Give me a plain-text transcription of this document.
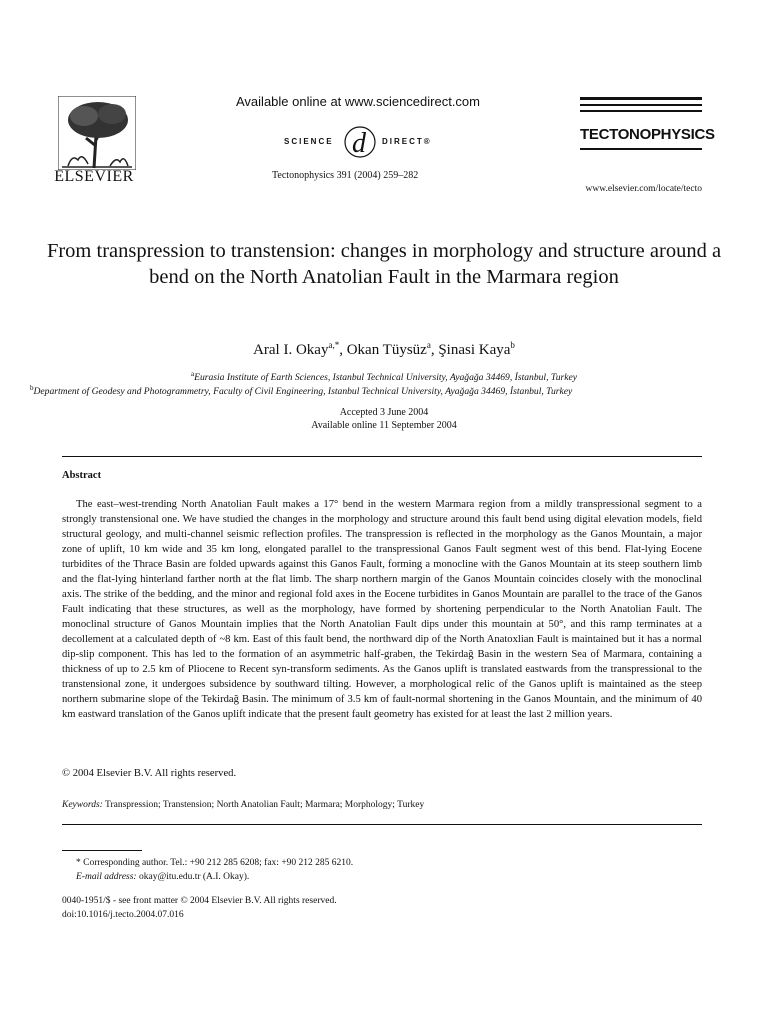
ELSEVIER
Available online at www.sciencedirect.com
SCIENCE d DIRECT®
Tectonophysics 391 (2004) 259–282
TECTONOPHYSICS
www.elsevier.com/locate/tecto
From transpression to transtension: changes in morphology and structure around a bend on the North Anatolian Fault in the Marmara region
Aral I. Okay$^{a,*}$, Okan Tüysüz$^a$, Şinasi Kaya$^b$
$^a$Eurasia Institute of Earth Sciences, Istanbul Technical University, Ayağağa 34469, İstanbul, Turkey
$^b$Department of Geodesy and Photogrammetry, Faculty of Civil Engineering, Istanbul Technical University, Ayağağa 34469, İstanbul, Turkey
Accepted 3 June 2004
Available online 11 September 2004
Abstract

The east–west-trending North Anatolian Fault makes a 17° bend in the western Marmara region from a mildly transpressional segment to a strongly transtensional one. We have studied the changes in the morphology and structure around this fault bend using digital elevation models, field structural geology, and multi-channel seismic reflection profiles. The transpression is reflected in the morphology as the Ganos Mountain, a major zone of uplift, 10 km wide and 35 km long, elongated parallel to the transpressional Ganos Fault segment west of this bend. Flat-lying Eocene turbidites of the Thrace Basin are folded upwards against this Ganos Fault, forming a monocline with the Ganos Mountain at its steep southern limb and the flat-lying hinterland farther north at the flat limb. The sharp northern margin of the Ganos Mountain coincides closely with the monoclinal axis. The strike of the bedding, and the minor and regional fold axes in the Eocene turbidites in Ganos Mountain are parallel to the trace of the Ganos Fault indicating that these structures, as well as the morphology, have formed by shortening perpendicular to the North Anatolian Fault. The monoclinal structure of Ganos Mountain implies that the North Anatolian Fault dips under this mountain at 50°, and this ramp terminates at a decollement at a calculated depth of ~8 km. East of this fault bend, the northward dip of the North Anatoxlian Fault is maintained but it has a normal dip-slip component. This has led to the formation of an asymmetric half-graben, the Tekirdağ Basin in the western Sea of Marmara, containing a thickness of up to 2.5 km of Pliocene to Recent syn-transform sediments. As the Ganos uplift is translated eastwards from the transpressional to the transtensional zone, it undergoes subsidence by southward tilting. However, a morphological relic of the Ganos uplift is maintained as the steep northern submarine slope of the Tekirdağ Basin. The minimum of 3.5 km of fault-normal shortening in the Ganos Mountain, and the minimum of 40 km eastward translation of the Ganos uplift indicate that the present fault geometry has existed for at least the last 2 million years.

© 2004 Elsevier B.V. All rights reserved.
Keywords: Transpression; Transtension; North Anatolian Fault; Marmara; Morphology; Turkey
* Corresponding author. Tel.: +90 212 285 6208; fax: +90 212 285 6210.
E-mail address: okay@itu.edu.tr (A.I. Okay).
0040-1951/$ - see front matter © 2004 Elsevier B.V. All rights reserved.
doi:10.1016/j.tecto.2004.07.016
